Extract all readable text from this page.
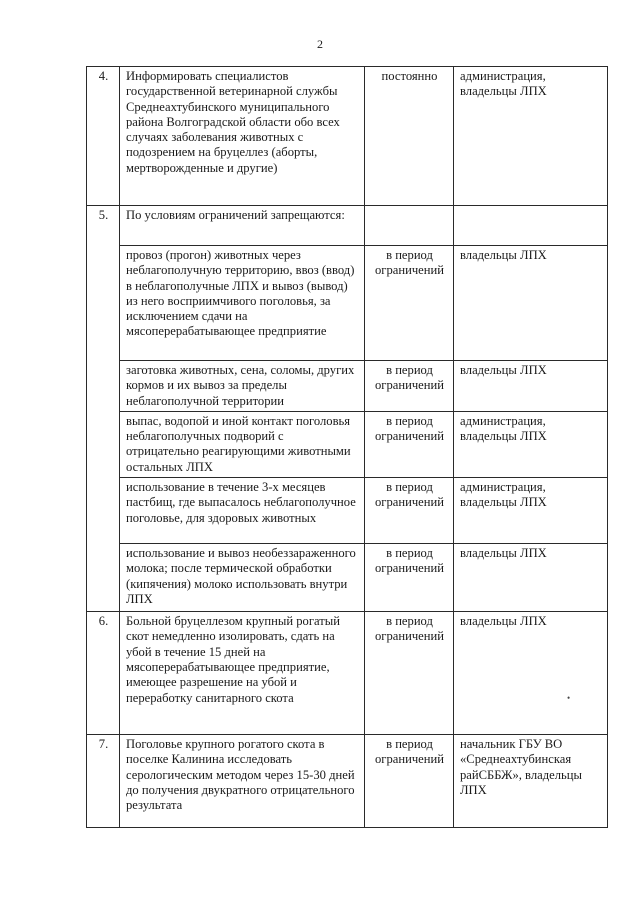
2
4.	Информировать специалистов государственной ветеринарной службы Среднеахтубинского муниципального района Волгоградской области обо всех случаях заболевания животных с подозрением на бруцеллез (аборты, мертворожденные и другие)	постоянно	администрация, владельцы ЛПХ
5.	По условиям ограничений запрещаются:		
	провоз (прогон) животных через неблагополучную территорию, ввоз (ввод) в неблагополучные ЛПХ и вывоз (вывод) из него восприимчивого поголовья, за исключением сдачи на мясоперерабатывающее предприятие	в период ограничений	владельцы ЛПХ
	заготовка животных, сена, соломы, других кормов и их вывоз за пределы неблагополучной территории	в период ограничений	владельцы ЛПХ
	выпас, водопой и иной контакт поголовья неблагополучных подворий с отрицательно реагирующими животными остальных ЛПХ	в период ограничений	администрация, владельцы ЛПХ
	использование в течение 3-х месяцев пастбищ, где выпасалось неблагополучное поголовье, для здоровых животных	в период ограничений	администрация, владельцы ЛПХ
	использование и вывоз необеззараженного молока; после термической обработки (кипячения) молоко использовать внутри ЛПХ	в период ограничений	владельцы ЛПХ
6.	Больной бруцеллезом крупный рогатый скот немедленно изолировать, сдать на убой в течение 15 дней на мясоперерабатывающее предприятие, имеющее разрешение на убой и переработку санитарного скота	в период ограничений	владельцы ЛПХ
7.	Поголовье крупного рогатого скота в поселке Калинина исследовать серологическим методом через 15-30 дней до получения двукратного отрицательного результата	в период ограничений	начальник ГБУ ВО «Среднеахтубинская райСББЖ», владельцы ЛПХ
•
